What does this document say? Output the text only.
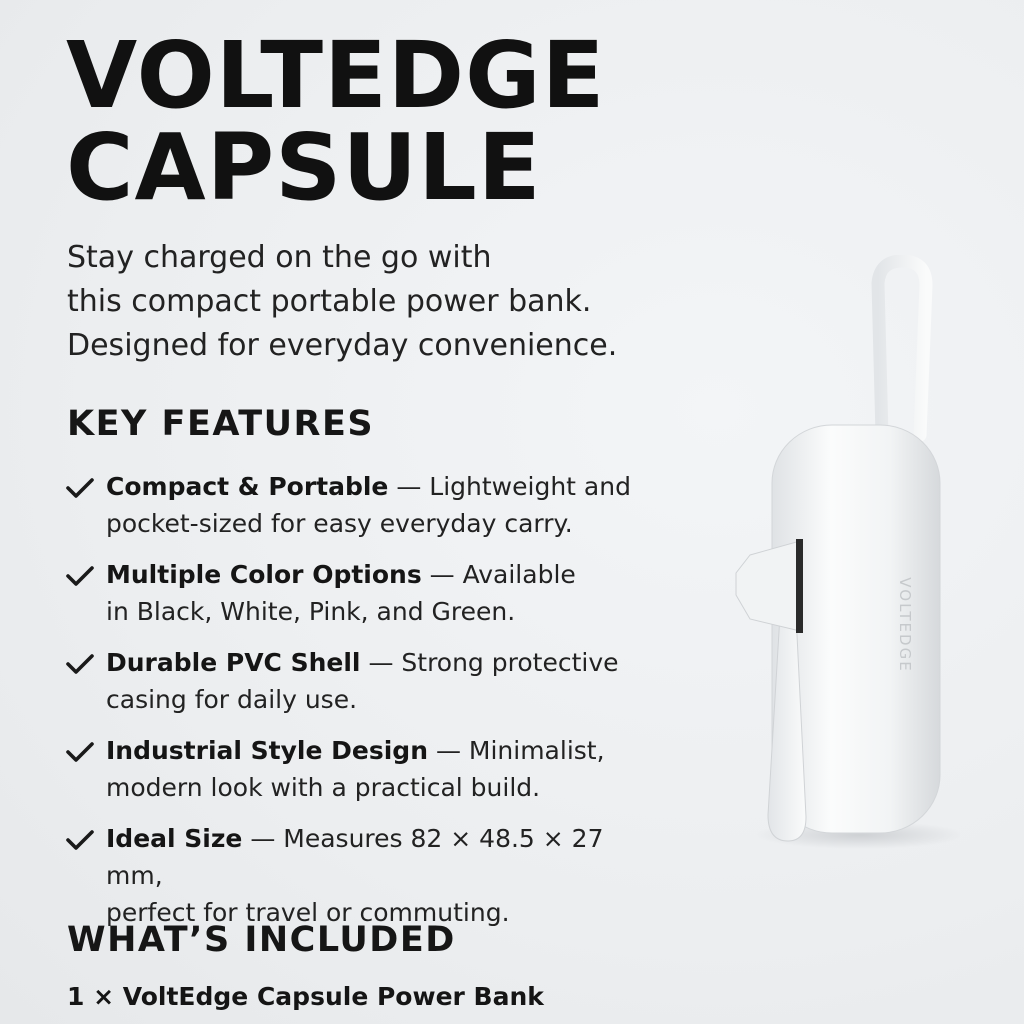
VOLTEDGE
CAPSULE

Stay charged on the go with
this compact portable power bank.
Designed for everyday convenience.

KEY FEATURES
Compact & Portable — Lightweight and
pocket-sized for easy everyday carry.
Multiple Color Options — Available
in Black, White, Pink, and Green.
Durable PVC Shell — Strong protective
casing for daily use.
Industrial Style Design — Minimalist,
modern look with a practical build.
Ideal Size — Measures 82 × 48.5 × 27 mm,
perfect for travel or commuting.
WHAT’S INCLUDED

1 × VoltEdge Capsule Power Bank

VOLTEDGE
